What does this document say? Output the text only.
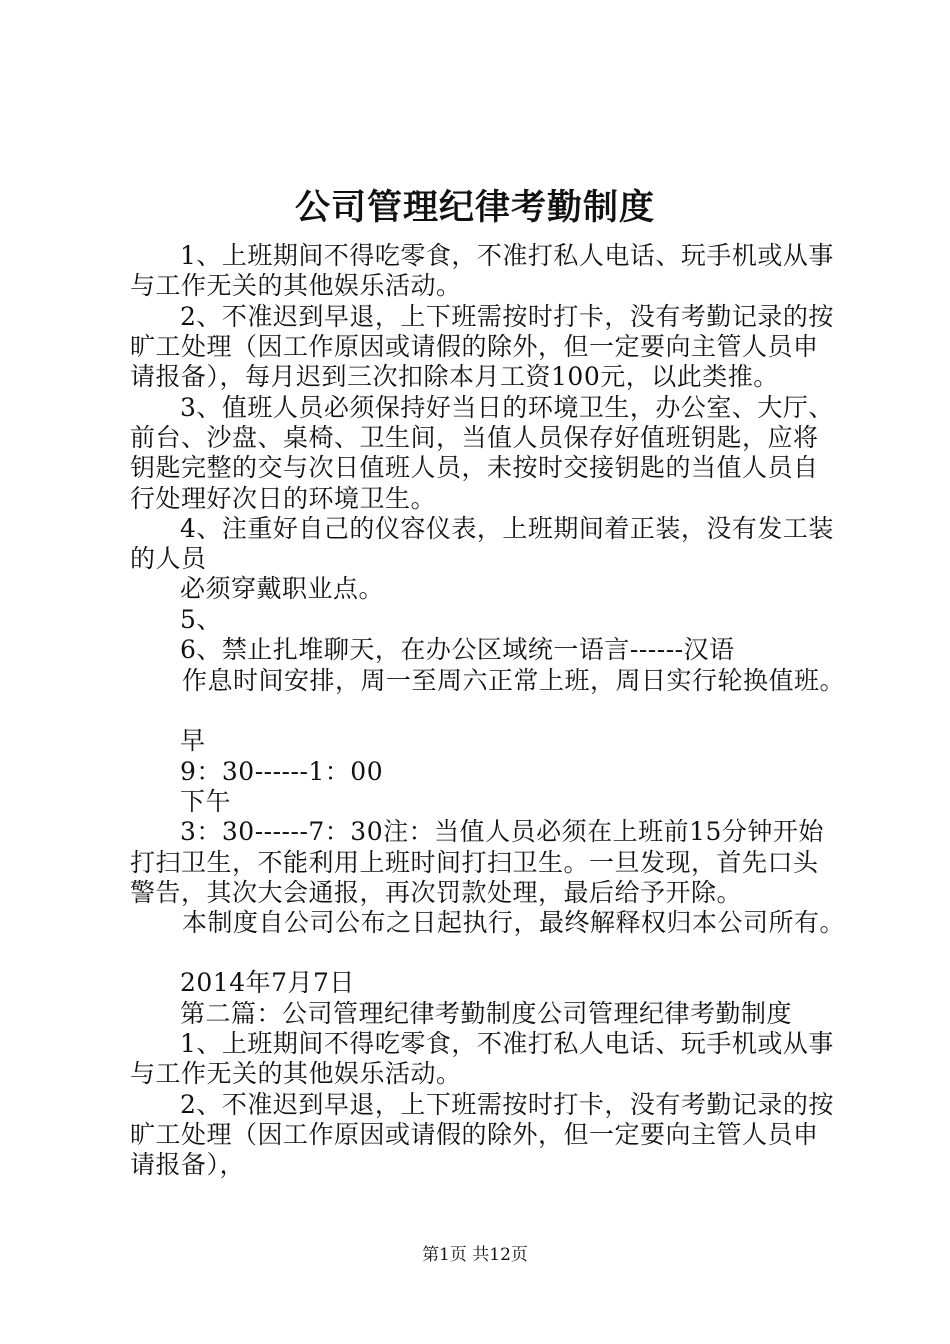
公司管理纪律考勤制度
1、上班期间不得吃零食，不准打私人电话、玩手机或从事
与工作无关的其他娱乐活动。
2、不准迟到早退，上下班需按时打卡，没有考勤记录的按
旷工处理（因工作原因或请假的除外，但一定要向主管人员申
请报备），每月迟到三次扣除本月工资100元，以此类推。
3、值班人员必须保持好当日的环境卫生，办公室、大厅、
前台、沙盘、桌椅、卫生间，当值人员保存好值班钥匙，应将
钥匙完整的交与次日值班人员，未按时交接钥匙的当值人员自
行处理好次日的环境卫生。
4、注重好自己的仪容仪表，上班期间着正装，没有发工装
的人员
必须穿戴职业点。
5、
6、禁止扎堆聊天，在办公区域统一语言------汉语
作息时间安排，周一至周六正常上班，周日实行轮换值班。
早
9：30------1：00
下午
3：30------7：30注：当值人员必须在上班前15分钟开始
打扫卫生，不能利用上班时间打扫卫生。一旦发现，首先口头
警告，其次大会通报，再次罚款处理，最后给予开除。
本制度自公司公布之日起执行，最终解释权归本公司所有。
2014年7月7日
第二篇：公司管理纪律考勤制度公司管理纪律考勤制度
1、上班期间不得吃零食，不准打私人电话、玩手机或从事
与工作无关的其他娱乐活动。
2、不准迟到早退，上下班需按时打卡，没有考勤记录的按
旷工处理（因工作原因或请假的除外，但一定要向主管人员申
请报备），
第1页 共12页
